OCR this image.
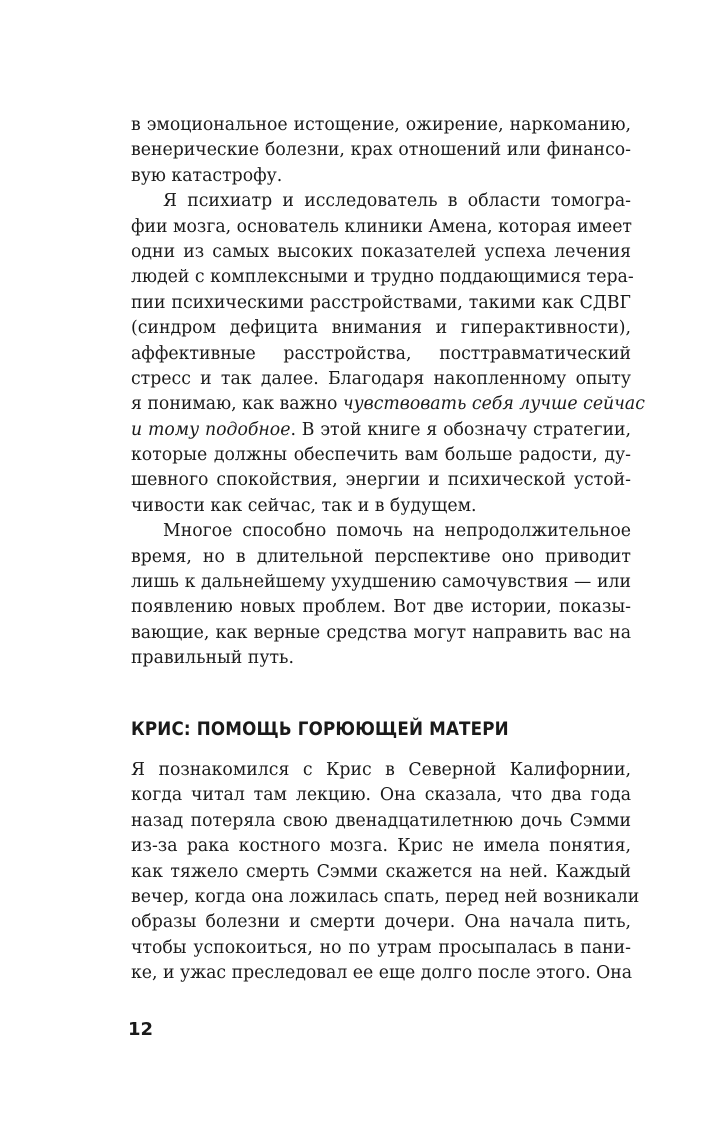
в эмоциональное истощение, ожирение, наркоманию,
венерические болезни, крах отношений или финансо-
вую катастрофу.
Я психиатр и исследователь в области томогра-
фии мозга, основатель клиники Амена, которая имеет
одни из самых высоких показателей успеха лечения
людей с комплексными и трудно поддающимися тера-
пии психическими расстройствами, такими как СДВГ
(синдром дефицита внимания и гиперактивности),
аффективные расстройства, посттравматический
стресс и так далее. Благодаря накопленному опыту
я понимаю, как важно чувствовать себя лучше сейчас
и тому подобное. В этой книге я обозначу стратегии,
которые должны обеспечить вам больше радости, ду-
шевного спокойствия, энергии и психической устой-
чивости как сейчас, так и в будущем.
Многое способно помочь на непродолжительное
время, но в длительной перспективе оно приводит
лишь к дальнейшему ухудшению самочувствия — или
появлению новых проблем. Вот две истории, показы-
вающие, как верные средства могут направить вас на
правильный путь.
КРИС: ПОМОЩЬ ГОРЮЮЩЕЙ МАТЕРИ
Я познакомился с Крис в Северной Калифорнии,
когда читал там лекцию. Она сказала, что два года
назад потеряла свою двенадцатилетнюю дочь Сэмми
из-за рака костного мозга. Крис не имела понятия,
как тяжело смерть Сэмми скажется на ней. Каждый
вечер, когда она ложилась спать, перед ней возникали
образы болезни и смерти дочери. Она начала пить,
чтобы успокоиться, но по утрам просыпалась в пани-
ке, и ужас преследовал ее еще долго после этого. Она
12
